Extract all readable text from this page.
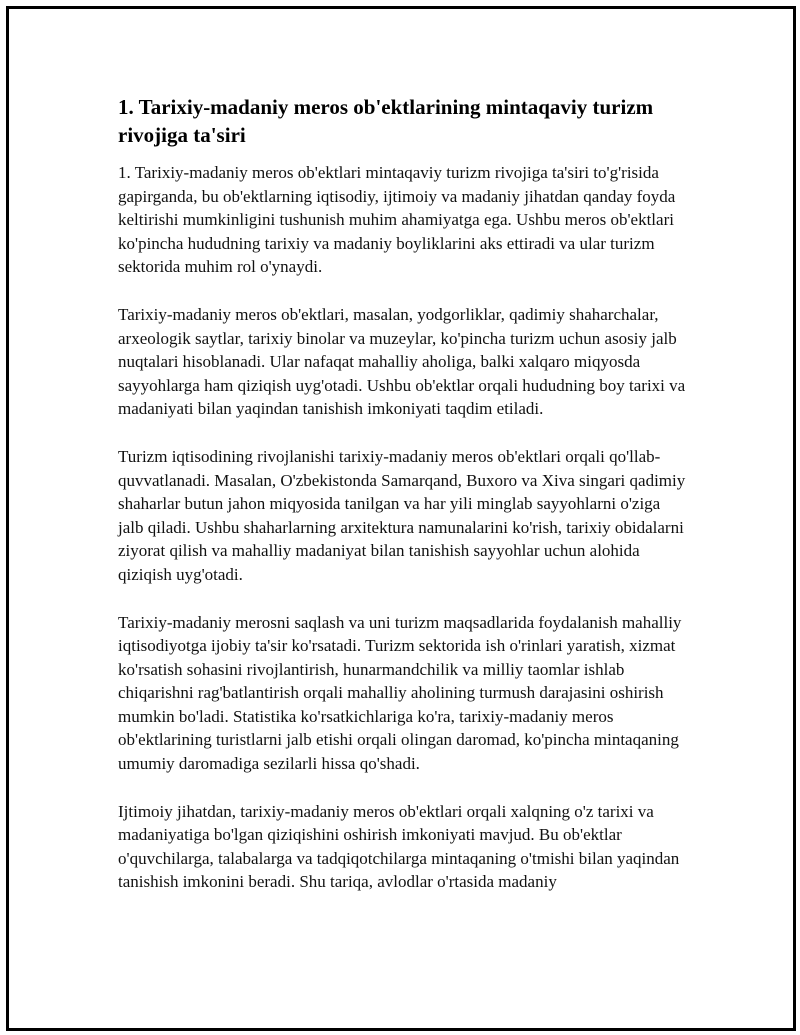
1. Tarixiy-madaniy meros ob'ektlarining mintaqaviy turizm rivojiga ta'siri

1. Tarixiy-madaniy meros ob'ektlari mintaqaviy turizm rivojiga ta'siri to'g'risida gapirganda, bu ob'ektlarning iqtisodiy, ijtimoiy va madaniy jihatdan qanday foyda keltirishi mumkinligini tushunish muhim ahamiyatga ega. Ushbu meros ob'ektlari ko'pincha hududning tarixiy va madaniy boyliklarini aks ettiradi va ular turizm sektorida muhim rol o'ynaydi.

Tarixiy-madaniy meros ob'ektlari, masalan, yodgorliklar, qadimiy shaharchalar, arxeologik saytlar, tarixiy binolar va muzeylar, ko'pincha turizm uchun asosiy jalb nuqtalari hisoblanadi. Ular nafaqat mahalliy aholiga, balki xalqaro miqyosda sayyohlarga ham qiziqish uyg'otadi. Ushbu ob'ektlar orqali hududning boy tarixi va madaniyati bilan yaqindan tanishish imkoniyati taqdim etiladi.

Turizm iqtisodining rivojlanishi tarixiy-madaniy meros ob'ektlari orqali qo'llab-quvvatlanadi. Masalan, O'zbekistonda Samarqand, Buxoro va Xiva singari qadimiy shaharlar butun jahon miqyosida tanilgan va har yili minglab sayyohlarni o'ziga jalb qiladi. Ushbu shaharlarning arxitektura namunalarini ko'rish, tarixiy obidalarni ziyorat qilish va mahalliy madaniyat bilan tanishish sayyohlar uchun alohida qiziqish uyg'otadi.

Tarixiy-madaniy merosni saqlash va uni turizm maqsadlarida foydalanish mahalliy iqtisodiyotga ijobiy ta'sir ko'rsatadi. Turizm sektorida ish o'rinlari yaratish, xizmat ko'rsatish sohasini rivojlantirish, hunarmandchilik va milliy taomlar ishlab chiqarishni rag'batlantirish orqali mahalliy aholining turmush darajasini oshirish mumkin bo'ladi. Statistika ko'rsatkichlariga ko'ra, tarixiy-madaniy meros ob'ektlarining turistlarni jalb etishi orqali olingan daromad, ko'pincha mintaqaning umumiy daromadiga sezilarli hissa qo'shadi.

Ijtimoiy jihatdan, tarixiy-madaniy meros ob'ektlari orqali xalqning o'z tarixi va madaniyatiga bo'lgan qiziqishini oshirish imkoniyati mavjud. Bu ob'ektlar o'quvchilarga, talabalarga va tadqiqotchilarga mintaqaning o'tmishi bilan yaqindan tanishish imkonini beradi. Shu tariqa, avlodlar o'rtasida madaniy
